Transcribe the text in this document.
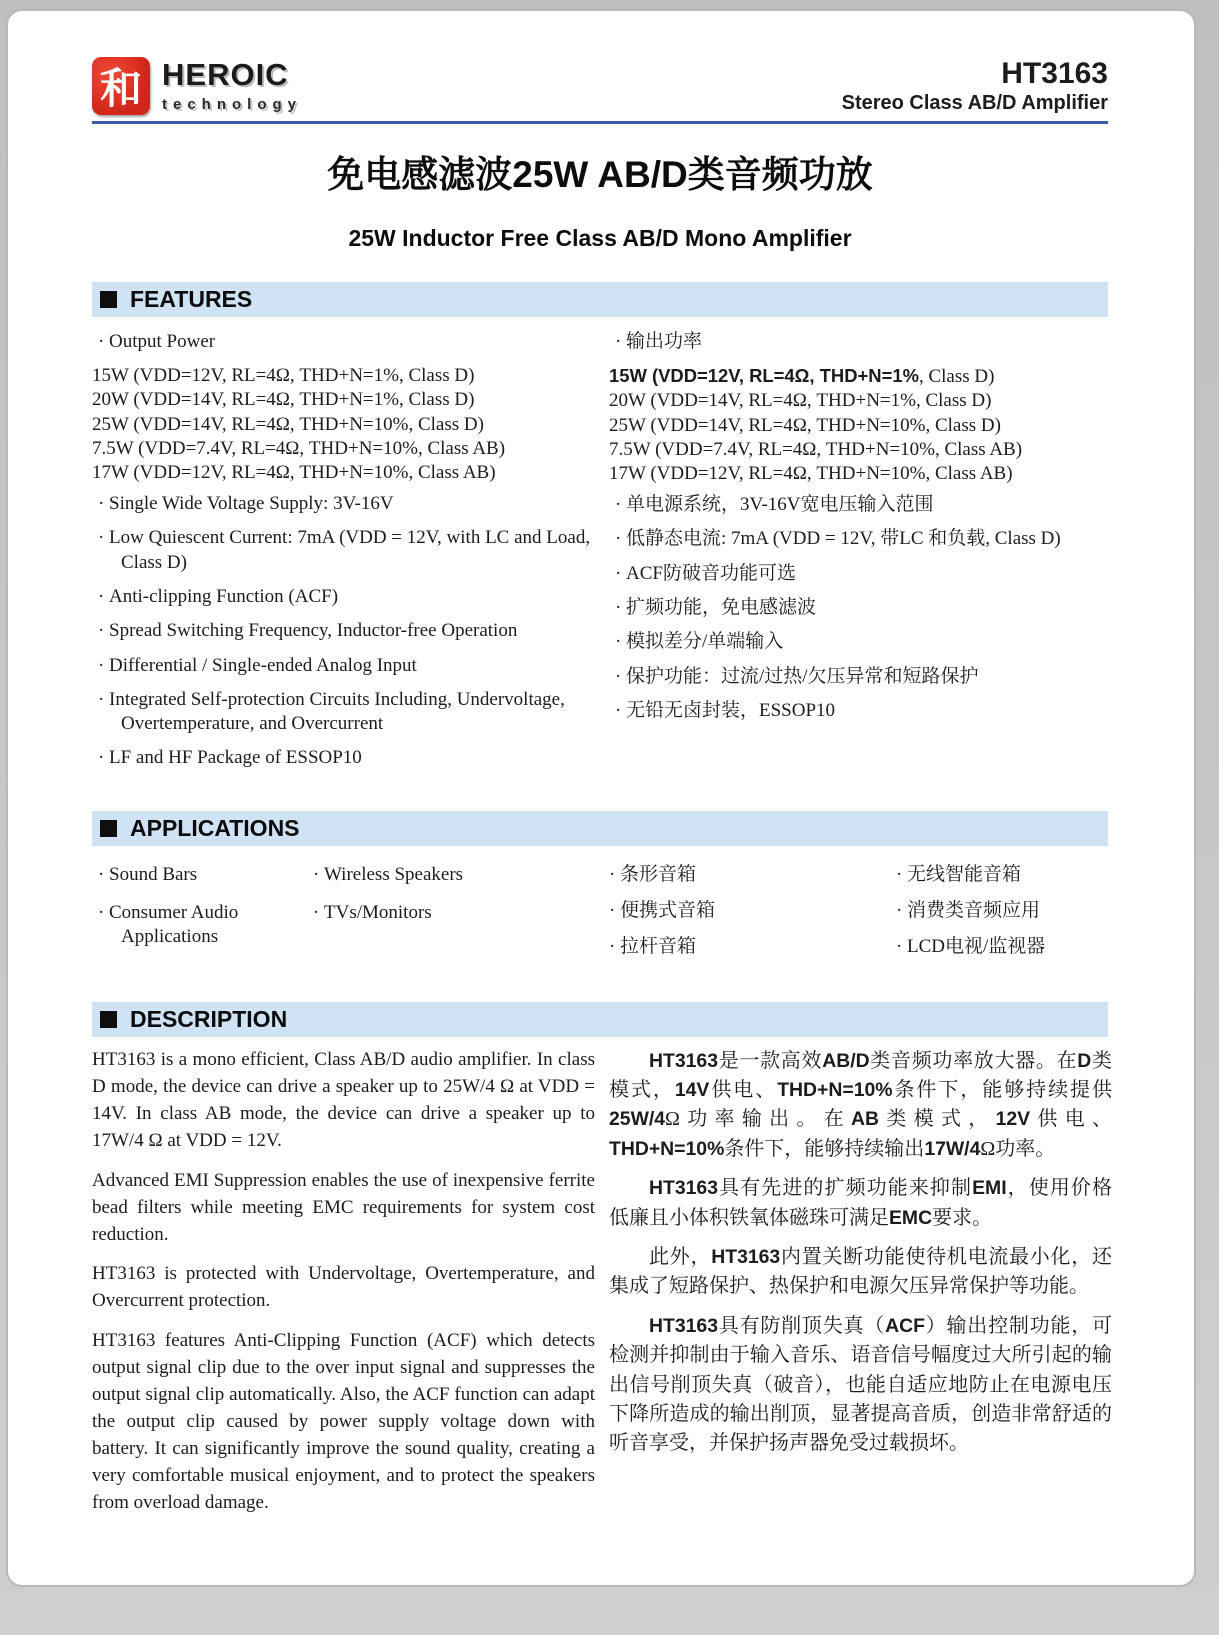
和 HEROIC
technology
HT3163
Stereo Class AB/D Amplifier
免电感滤波25W AB/D类音频功放
25W Inductor Free Class AB/D Mono Amplifier
FEATURES
· Output Power
15W (VDD=12V, RL=4Ω, THD+N=1%, Class D)
20W (VDD=14V, RL=4Ω, THD+N=1%, Class D)
25W (VDD=14V, RL=4Ω, THD+N=10%, Class D)
7.5W (VDD=7.4V, RL=4Ω, THD+N=10%, Class AB)
17W (VDD=12V, RL=4Ω, THD+N=10%, Class AB)
· Single Wide Voltage Supply: 3V-16V
· Low Quiescent Current: 7mA (VDD = 12V, with LC and Load, Class D)
· Anti-clipping Function (ACF)
· Spread Switching Frequency, Inductor-free Operation
· Differential / Single-ended Analog Input
· Integrated Self-protection Circuits Including, Undervoltage, Overtemperature, and Overcurrent
· LF and HF Package of ESSOP10
· 输出功率
15W (VDD=12V, RL=4Ω, THD+N=1%, Class D)
20W (VDD=14V, RL=4Ω, THD+N=1%, Class D)
25W (VDD=14V, RL=4Ω, THD+N=10%, Class D)
7.5W (VDD=7.4V, RL=4Ω, THD+N=10%, Class AB)
17W (VDD=12V, RL=4Ω, THD+N=10%, Class AB)
· 单电源系统，3V-16V宽电压输入范围
· 低静态电流: 7mA (VDD = 12V, 带LC 和负载, Class D)
· ACF防破音功能可选
· 扩频功能，免电感滤波
· 模拟差分/单端输入
· 保护功能：过流/过热/欠压异常和短路保护
· 无铅无卤封装，ESSOP10
APPLICATIONS
· Sound Bars
· Consumer Audio Applications
· Wireless Speakers
· TVs/Monitors
· 条形音箱
· 便携式音箱
· 拉杆音箱
· 无线智能音箱
· 消费类音频应用
· LCD电视/监视器
DESCRIPTION

HT3163 is a mono efficient, Class AB/D audio amplifier. In class D mode, the device can drive a speaker up to 25W/4 Ω at VDD = 14V. In class AB mode, the device can drive a speaker up to 17W/4 Ω at VDD = 12V.

Advanced EMI Suppression enables the use of inexpensive ferrite bead filters while meeting EMC requirements for system cost reduction.

HT3163 is protected with Undervoltage, Overtemperature, and Overcurrent protection.

HT3163 features Anti-Clipping Function (ACF) which detects output signal clip due to the over input signal and suppresses the output signal clip automatically. Also, the ACF function can adapt the output clip caused by power supply voltage down with battery. It can significantly improve the sound quality, creating a very comfortable musical enjoyment, and to protect the speakers from overload damage.

HT3163是一款高效AB/D类音频功率放大器。在D类模式，14V供电、THD+N=10%条件下，能够持续提供25W/4Ω功率输出。在AB类模式，12V供电、THD+N=10%条件下，能够持续输出17W/4Ω功率。

HT3163具有先进的扩频功能来抑制EMI，使用价格低廉且小体积铁氧体磁珠可满足EMC要求。

此外，HT3163内置关断功能使待机电流最小化，还集成了短路保护、热保护和电源欠压异常保护等功能。

HT3163具有防削顶失真（ACF）输出控制功能，可检测并抑制由于输入音乐、语音信号幅度过大所引起的输出信号削顶失真（破音），也能自适应地防止在电源电压下降所造成的输出削顶，显著提高音质，创造非常舒适的听音享受，并保护扬声器免受过载损坏。
